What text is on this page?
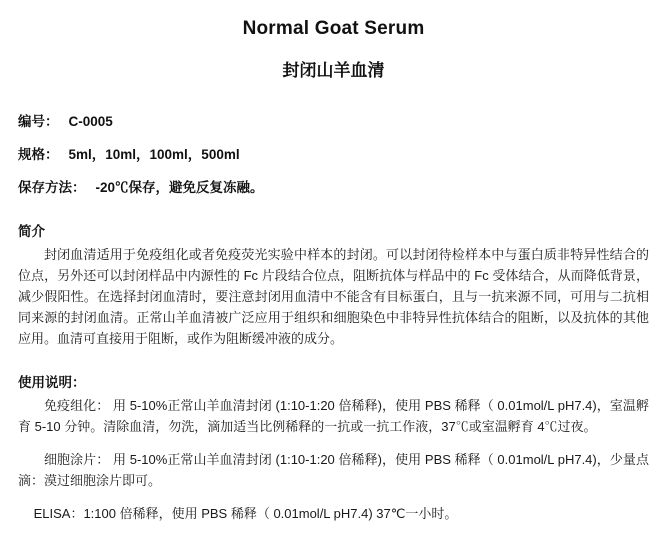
Normal Goat Serum
封闭山羊血清
编号： C-0005
规格： 5ml，10ml，100ml，500ml
保存方法： -20℃保存，避免反复冻融。
简介

封闭血清适用于免疫组化或者免疫荧光实验中样本的封闭。可以封闭待检样本中与蛋白质非特异性结合的位点，另外还可以封闭样品中内源性的 Fc 片段结合位点，阻断抗体与样品中的 Fc 受体结合，从而降低背景，减少假阳性。在选择封闭血清时，要注意封闭用血清中不能含有目标蛋白，且与一抗来源不同，可用与二抗相同来源的封闭血清。正常山羊血清被广泛应用于组织和细胞染色中非特异性抗体结合的阻断，以及抗体的其他应用。血清可直接用于阻断，或作为阻断缓冲液的成分。

使用说明：

免疫组化： 用 5-10%正常山羊血清封闭 (1:10-1:20 倍稀释)，使用 PBS 稀释（ 0.01mol/L pH7.4)，室温孵育 5-10 分钟。清除血清，勿洗，滴加适当比例稀释的一抗或一抗工作液，37℃或室温孵育 4℃过夜。

细胞涂片： 用 5-10%正常山羊血清封闭 (1:10-1:20 倍稀释)，使用 PBS 稀释（ 0.01mol/L pH7.4)，少量点滴：漠过细胞涂片即可。

ELISA：1:100 倍稀释，使用 PBS 稀释（ 0.01mol/L pH7.4) 37℃一小时。
